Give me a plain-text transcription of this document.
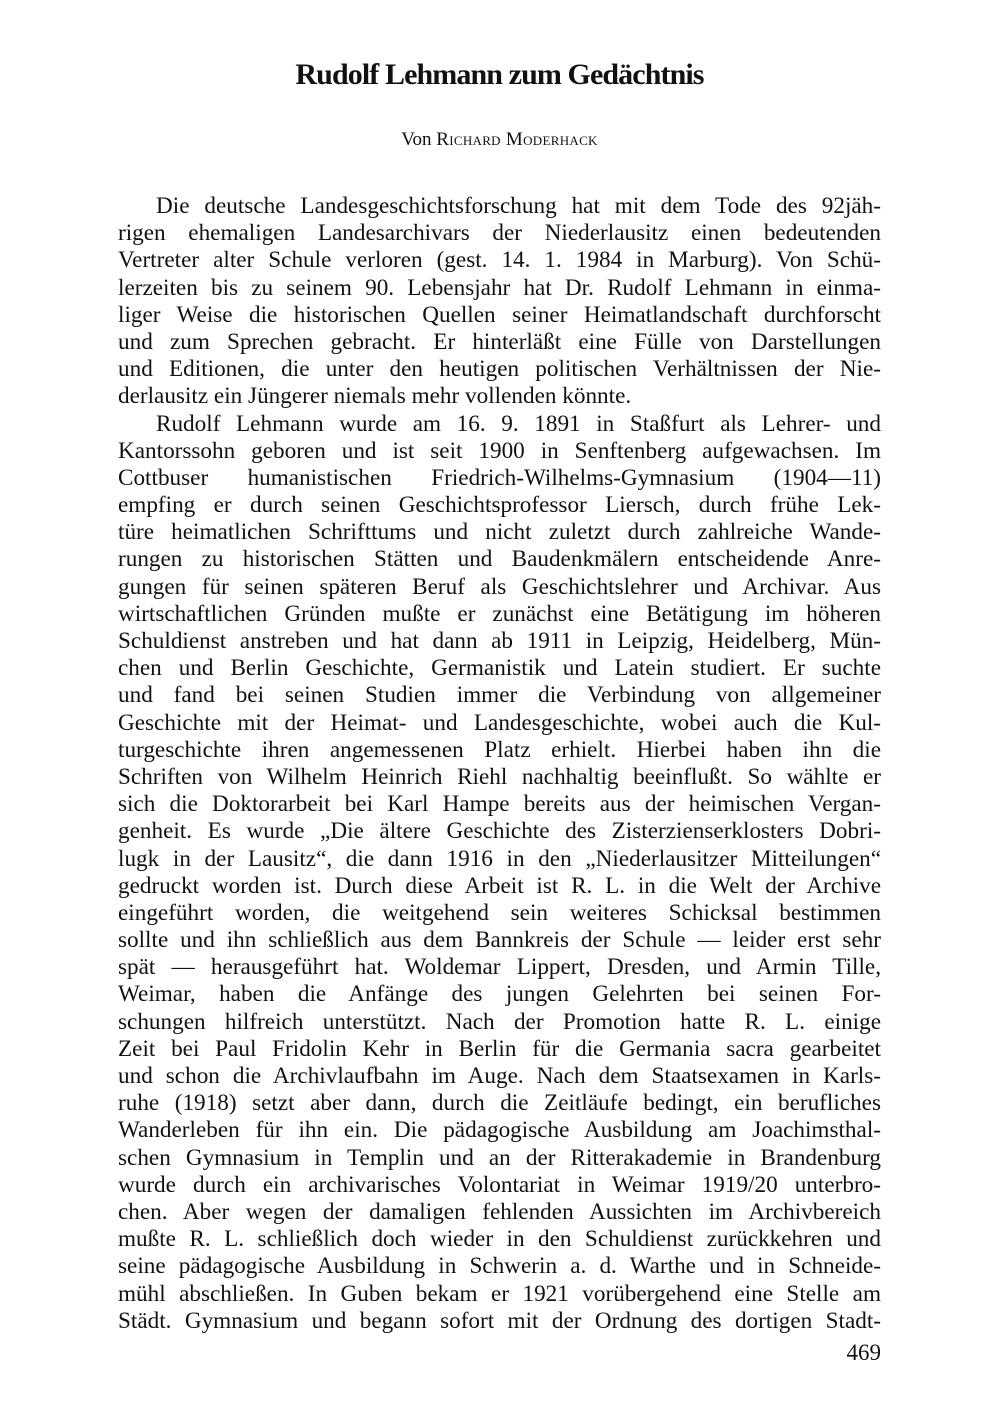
Rudolf Lehmann zum Gedächtnis

Von Richard Moderhack

Die deutsche Landesgeschichtsforschung hat mit dem Tode des 92jäh-
rigen ehemaligen Landesarchivars der Niederlausitz einen bedeutenden
Vertreter alter Schule verloren (gest. 14. 1. 1984 in Marburg). Von Schü-
lerzeiten bis zu seinem 90. Lebensjahr hat Dr. Rudolf Lehmann in einma-
liger Weise die historischen Quellen seiner Heimatlandschaft durchforscht
und zum Sprechen gebracht. Er hinterläßt eine Fülle von Darstellungen
und Editionen, die unter den heutigen politischen Verhältnissen der Nie-
derlausitz ein Jüngerer niemals mehr vollenden könnte.
Rudolf Lehmann wurde am 16. 9. 1891 in Staßfurt als Lehrer- und
Kantorssohn geboren und ist seit 1900 in Senftenberg aufgewachsen. Im
Cottbuser humanistischen Friedrich-Wilhelms-Gymnasium (1904—11)
empfing er durch seinen Geschichtsprofessor Liersch, durch frühe Lek-
türe heimatlichen Schrifttums und nicht zuletzt durch zahlreiche Wande-
rungen zu historischen Stätten und Baudenkmälern entscheidende Anre-
gungen für seinen späteren Beruf als Geschichtslehrer und Archivar. Aus
wirtschaftlichen Gründen mußte er zunächst eine Betätigung im höheren
Schuldienst anstreben und hat dann ab 1911 in Leipzig, Heidelberg, Mün-
chen und Berlin Geschichte, Germanistik und Latein studiert. Er suchte
und fand bei seinen Studien immer die Verbindung von allgemeiner
Geschichte mit der Heimat- und Landesgeschichte, wobei auch die Kul-
turgeschichte ihren angemessenen Platz erhielt. Hierbei haben ihn die
Schriften von Wilhelm Heinrich Riehl nachhaltig beeinflußt. So wählte er
sich die Doktorarbeit bei Karl Hampe bereits aus der heimischen Vergan-
genheit. Es wurde „Die ältere Geschichte des Zisterzienserklosters Dobri-
lugk in der Lausitz“, die dann 1916 in den „Niederlausitzer Mitteilungen“
gedruckt worden ist. Durch diese Arbeit ist R. L. in die Welt der Archive
eingeführt worden, die weitgehend sein weiteres Schicksal bestimmen
sollte und ihn schließlich aus dem Bannkreis der Schule — leider erst sehr
spät — herausgeführt hat. Woldemar Lippert, Dresden, und Armin Tille,
Weimar, haben die Anfänge des jungen Gelehrten bei seinen For-
schungen hilfreich unterstützt. Nach der Promotion hatte R. L. einige
Zeit bei Paul Fridolin Kehr in Berlin für die Germania sacra gearbeitet
und schon die Archivlaufbahn im Auge. Nach dem Staatsexamen in Karls-
ruhe (1918) setzt aber dann, durch die Zeitläufe bedingt, ein berufliches
Wanderleben für ihn ein. Die pädagogische Ausbildung am Joachimsthal-
schen Gymnasium in Templin und an der Ritterakademie in Brandenburg
wurde durch ein archivarisches Volontariat in Weimar 1919/20 unterbro-
chen. Aber wegen der damaligen fehlenden Aussichten im Archivbereich
mußte R. L. schließlich doch wieder in den Schuldienst zurückkehren und
seine pädagogische Ausbildung in Schwerin a. d. Warthe und in Schneide-
mühl abschließen. In Guben bekam er 1921 vorübergehend eine Stelle am
Städt. Gymnasium und begann sofort mit der Ordnung des dortigen Stadt-

469
